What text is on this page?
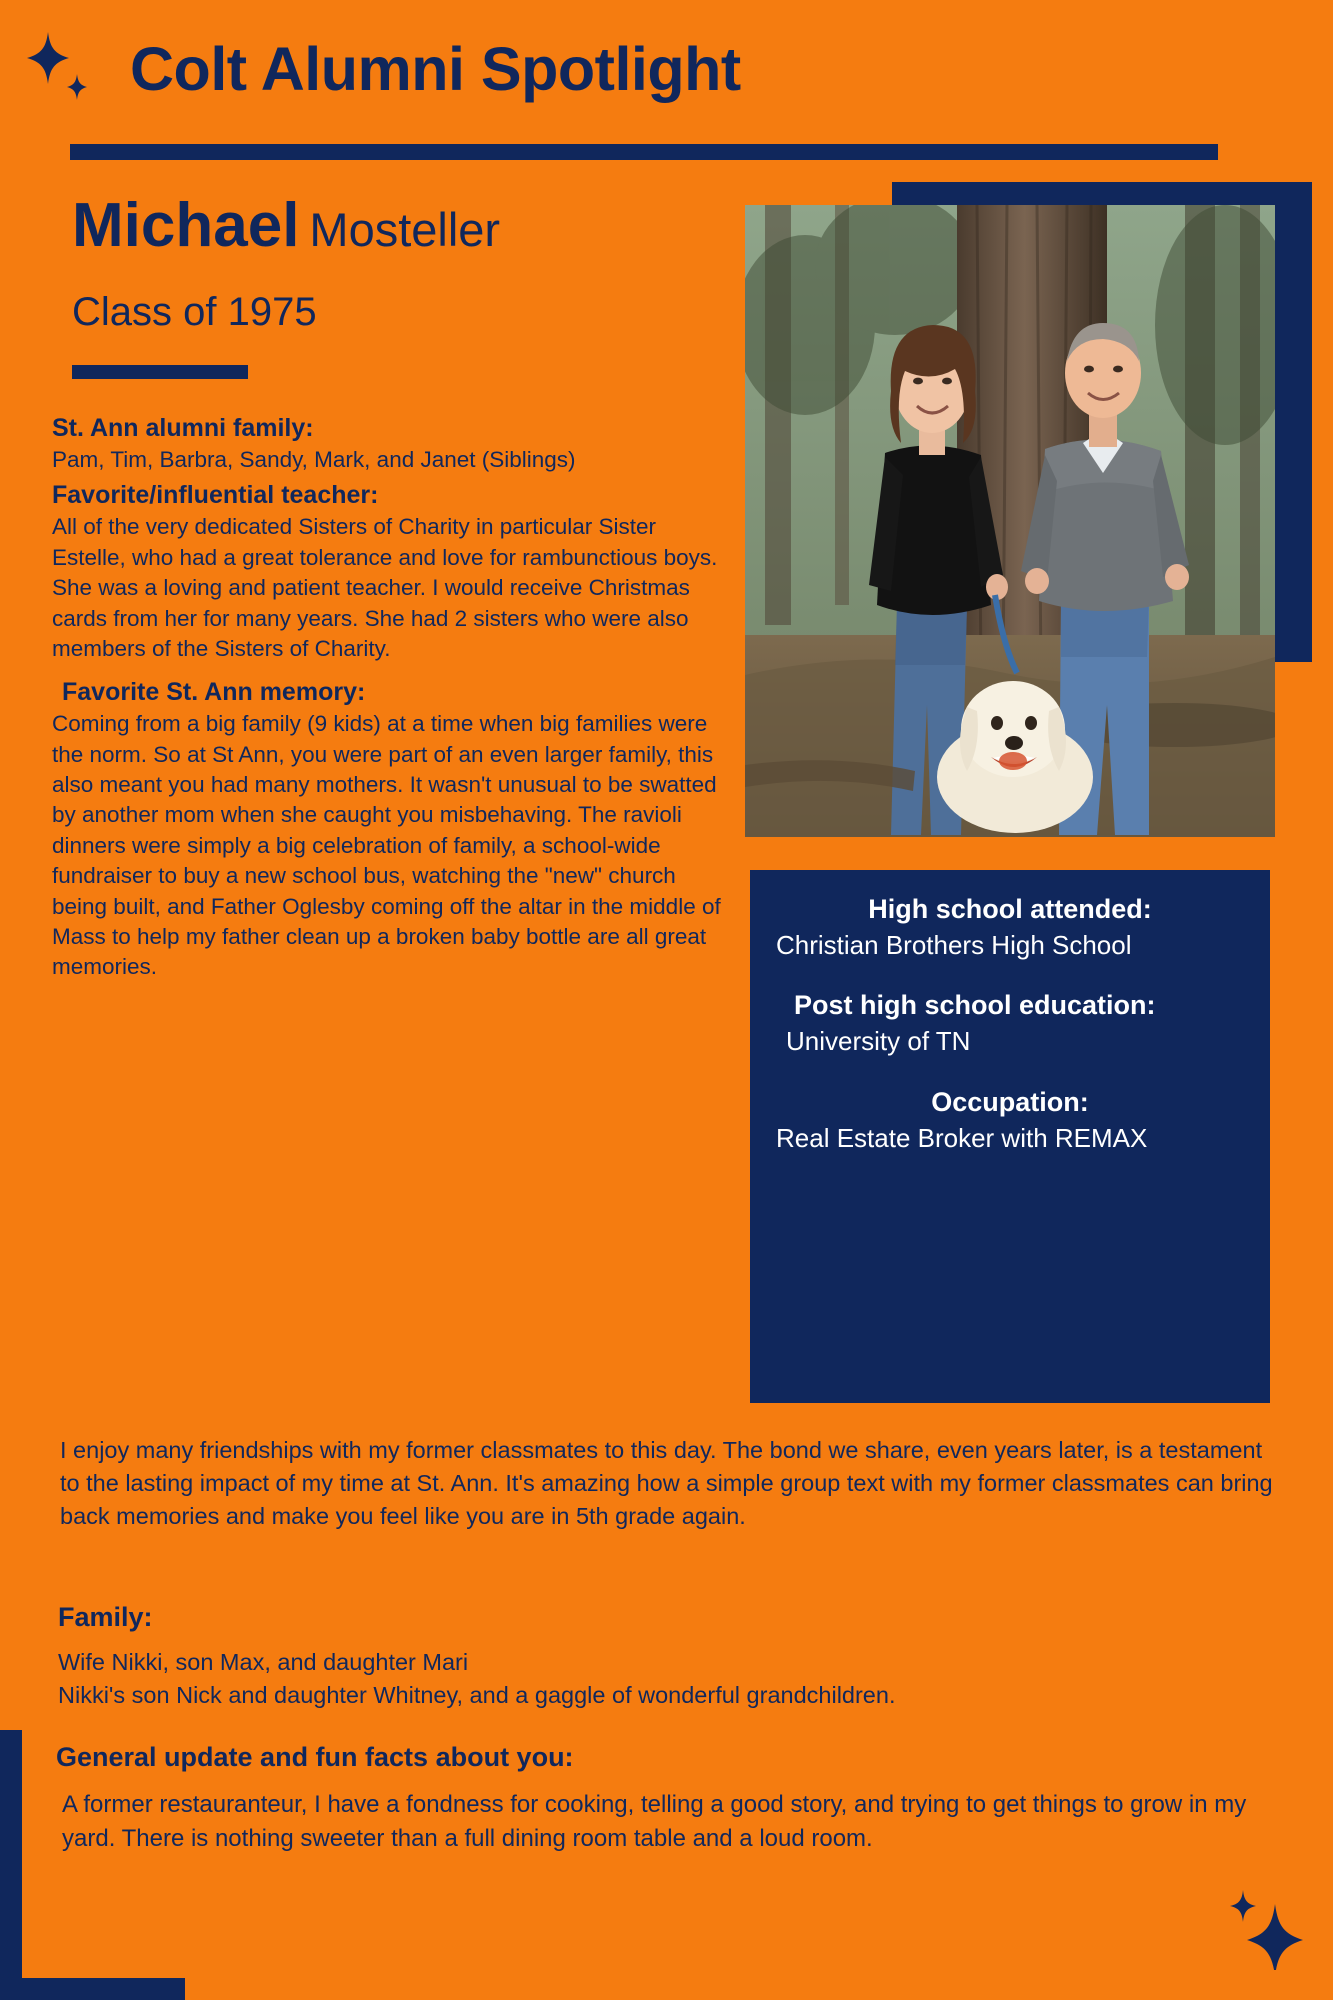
Colt Alumni Spotlight
Michael Mosteller
Class of 1975

St. Ann alumni family:

Pam, Tim, Barbra, Sandy, Mark, and Janet (Siblings)

Favorite/influential teacher:

All of the very dedicated Sisters of Charity in particular Sister Estelle, who had a great tolerance and love for rambunctious boys. She was a loving and patient teacher. I would receive Christmas cards from her for many years. She had 2 sisters who were also members of the Sisters of Charity.

Favorite St. Ann memory:

Coming from a big family (9 kids) at a time when big families were the norm. So at St Ann, you were part of an even larger family, this also meant you had many mothers. It wasn't unusual to be swatted by another mom when she caught you misbehaving. The ravioli dinners were simply a big celebration of family, a school-wide fundraiser to buy a new school bus, watching the "new" church being built, and Father Oglesby coming off the altar in the middle of Mass to help my father clean up a broken baby bottle are all great memories.

High school attended:

Christian Brothers High School

Post high school education:

University of TN

Occupation:

Real Estate Broker with REMAX

I enjoy many friendships with my former classmates to this day. The bond we share, even years later, is a testament to the lasting impact of my time at St. Ann. It's amazing how a simple group text with my former classmates can bring back memories and make you feel like you are in 5th grade again.

Family:
Wife Nikki, son Max, and daughter Mari
Nikki's son Nick and daughter Whitney, and a gaggle of wonderful grandchildren.
General update and fun facts about you:
A former restauranteur, I have a fondness for cooking, telling a good story, and trying to get things to grow in my yard. There is nothing sweeter than a full dining room table and a loud room.
